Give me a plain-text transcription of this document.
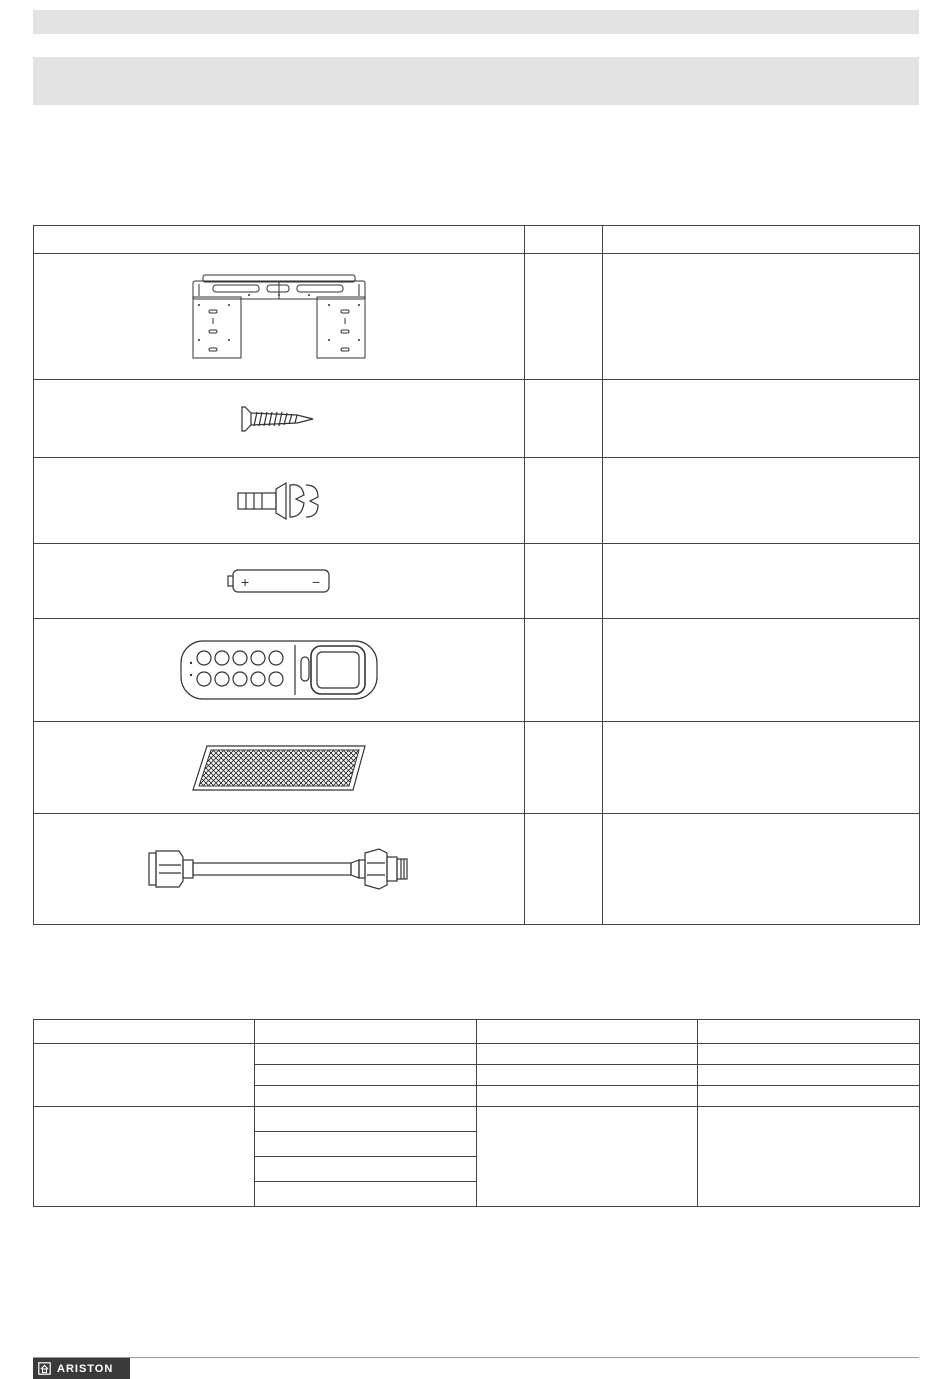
+ −		

ARISTON
